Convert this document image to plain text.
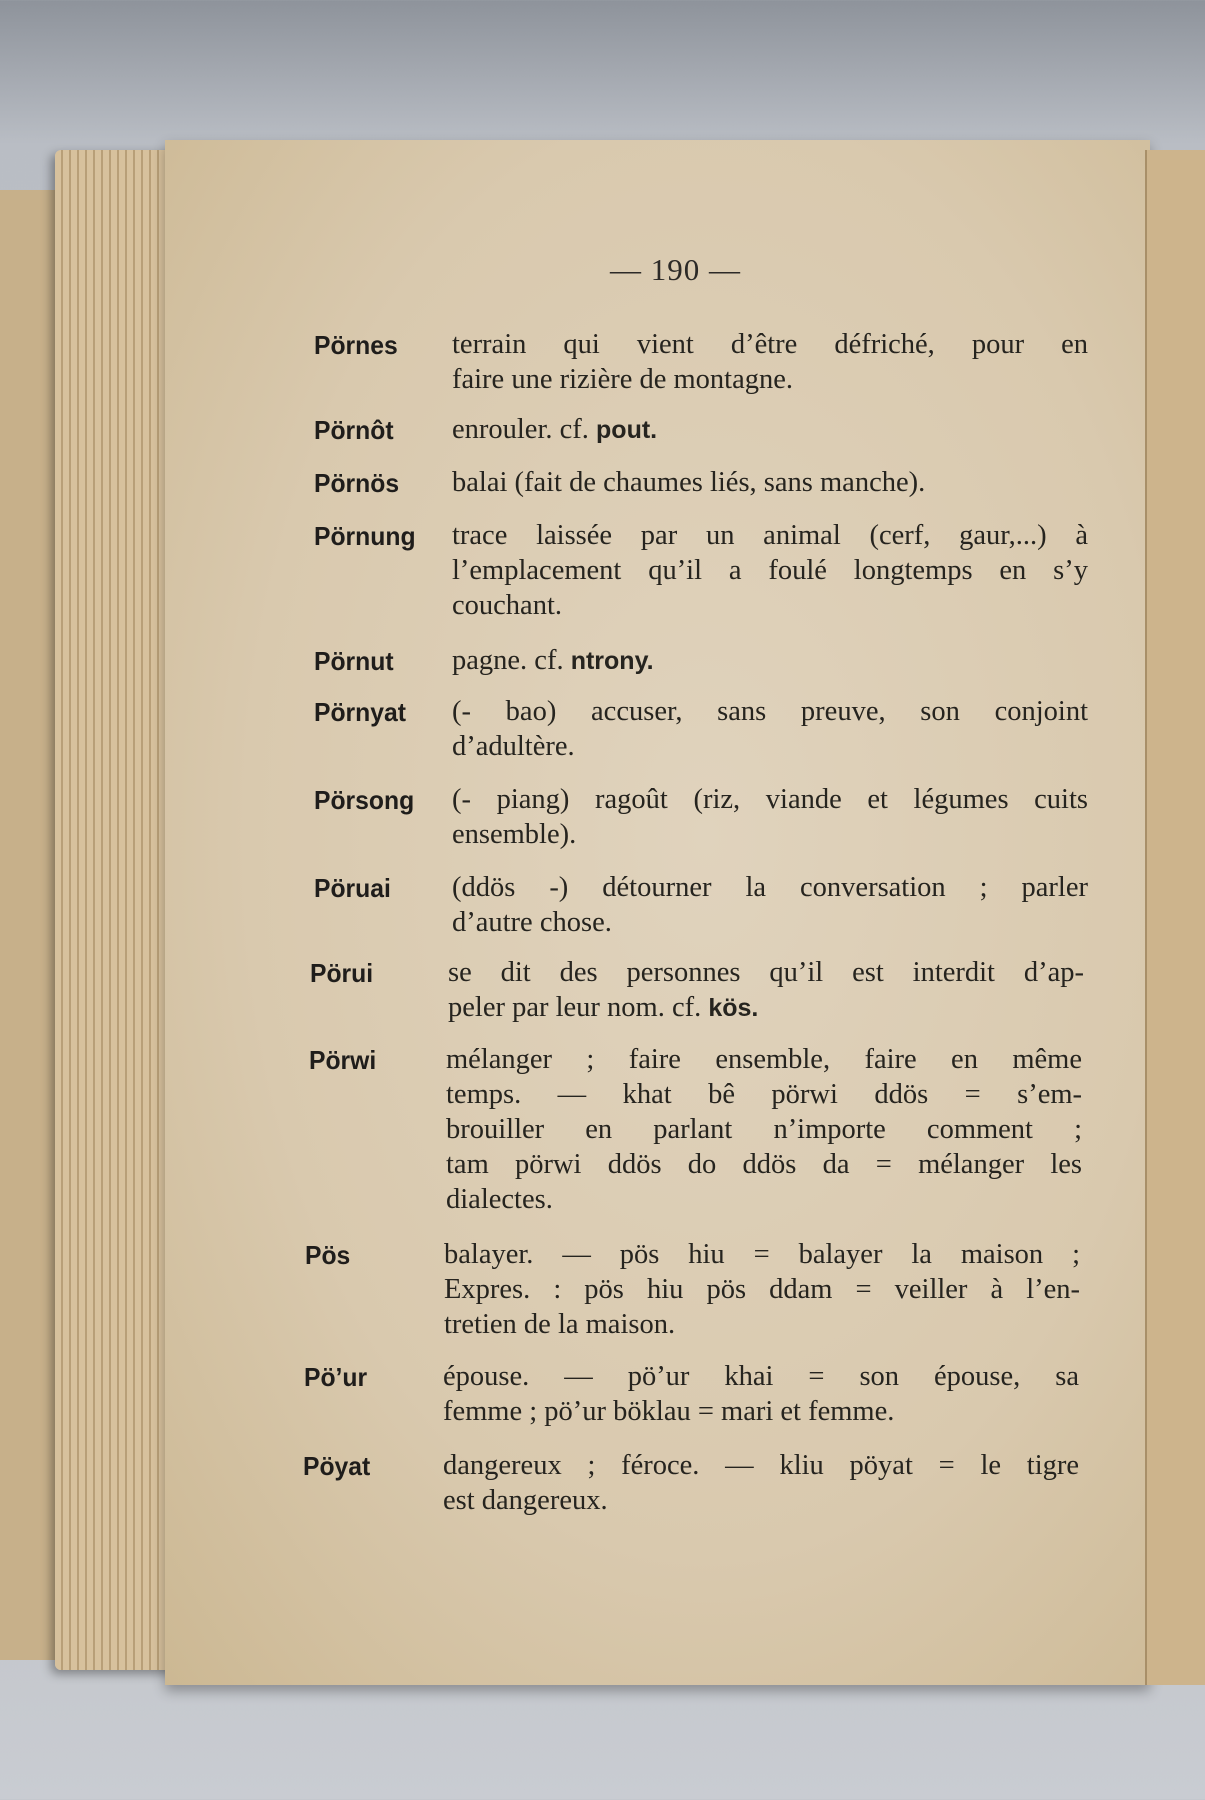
— 190 —
Pörnes terrain qui vient d’être défriché, pour en
faire une rizière de montagne.
Pörnôt enrouler. cf. pout.
Pörnös balai (fait de chaumes liés, sans manche).
Pörnung trace laissée par un animal (cerf, gaur,...) à
l’emplacement qu’il a foulé longtemps en s’y
couchant.
Pörnut pagne. cf. ntrony.
Pörnyat (- bao) accuser, sans preuve, son conjoint
d’adultère.
Pörsong (- piang) ragoût (riz, viande et légumes cuits
ensemble).
Pöruai (ddös -) détourner la conversation ; parler
d’autre chose.
Pörui	se dit des personnes qu’il est interdit d’ap-
peler par leur nom. cf. kös.
Pörwi mélanger ; faire ensemble, faire en même
temps. — khat bê pörwi ddös = s’em-
brouiller en parlant n’importe comment ;
tam pörwi ddös do ddös da = mélanger les
dialectes.
Pös	balayer. — pös hiu = balayer la maison ;
Expres. : pös hiu pös ddam = veiller à l’en-
tretien de la maison.
Pö’ur	épouse. — pö’ur khai = son épouse, sa
femme ; pö’ur böklau = mari et femme.
Pöyat	dangereux ; féroce. — kliu pöyat = le tigre
est dangereux.
